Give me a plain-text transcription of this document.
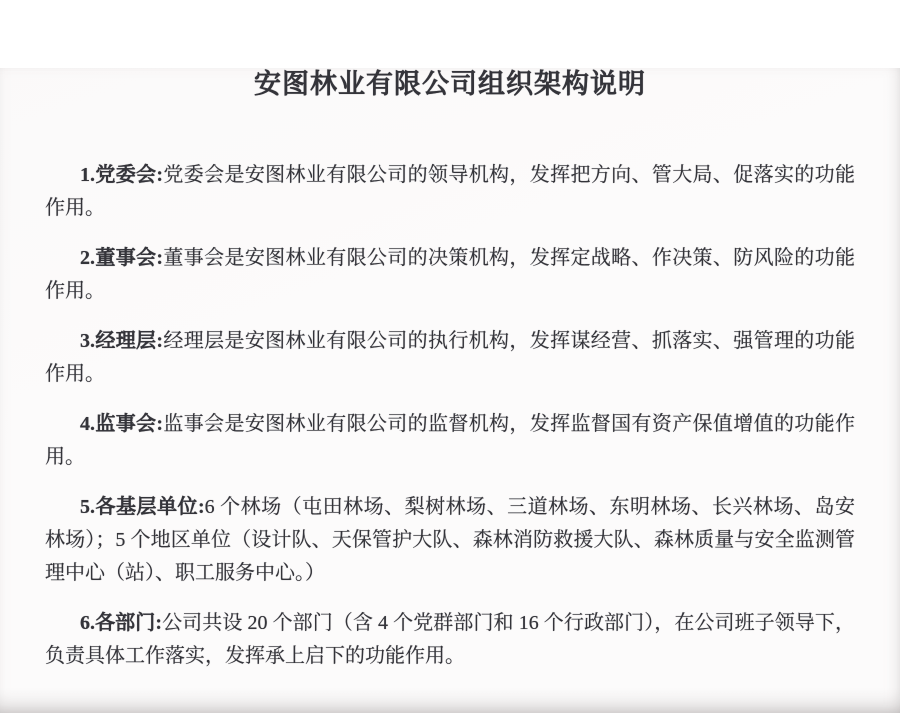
安图林业有限公司组织架构说明

1.党委会:党委会是安图林业有限公司的领导机构，发挥把方向、管大局、促落实的功能作用。

2.董事会:董事会是安图林业有限公司的决策机构，发挥定战略、作决策、防风险的功能作用。

3.经理层:经理层是安图林业有限公司的执行机构，发挥谋经营、抓落实、强管理的功能作用。

4.监事会:监事会是安图林业有限公司的监督机构，发挥监督国有资产保值增值的功能作用。

5.各基层单位:6 个林场（屯田林场、梨树林场、三道林场、东明林场、长兴林场、岛安林场）；5 个地区单位（设计队、天保管护大队、森林消防救援大队、森林质量与安全监测管理中心（站）、职工服务中心。）

6.各部门:公司共设 20 个部门（含 4 个党群部门和 16 个行政部门），在公司班子领导下，负责具体工作落实，发挥承上启下的功能作用。
